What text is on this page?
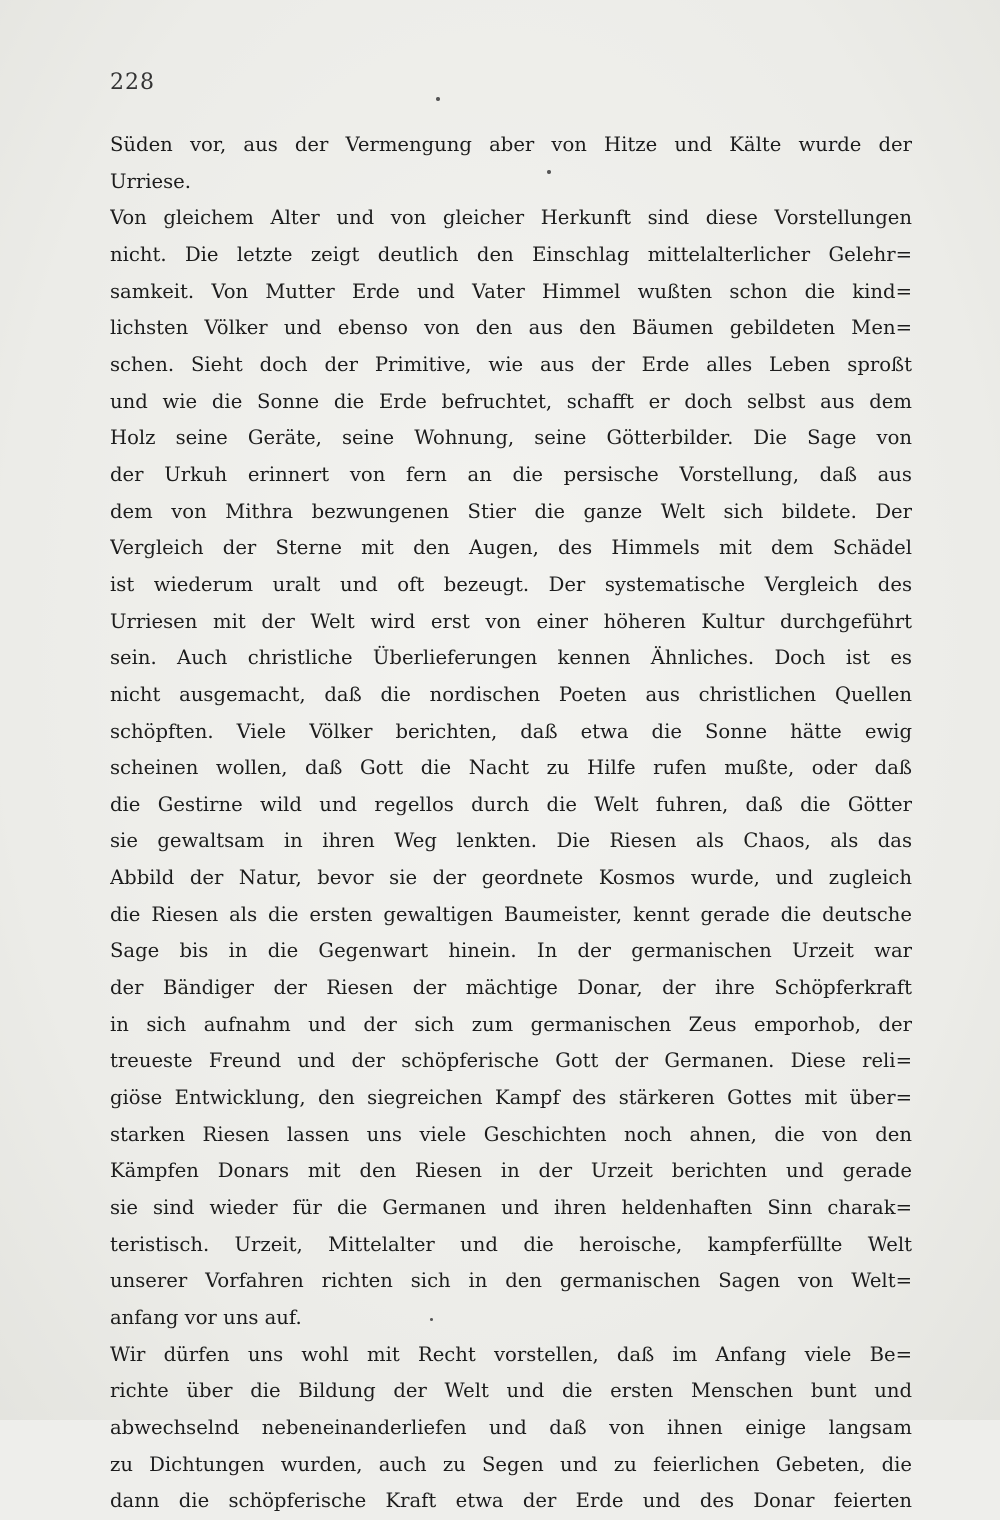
228
Süden vor, aus der Vermengung aber von Hitze und Kälte wurde der
Urriese.
Von gleichem Alter und von gleicher Herkunft sind diese Vorstellungen
nicht. Die letzte zeigt deutlich den Einschlag mittelalterlicher Gelehr=
samkeit. Von Mutter Erde und Vater Himmel wußten schon die kind=
lichsten Völker und ebenso von den aus den Bäumen gebildeten Men=
schen. Sieht doch der Primitive, wie aus der Erde alles Leben sproßt
und wie die Sonne die Erde befruchtet, schafft er doch selbst aus dem
Holz seine Geräte, seine Wohnung, seine Götterbilder. Die Sage von
der Urkuh erinnert von fern an die persische Vorstellung, daß aus
dem von Mithra bezwungenen Stier die ganze Welt sich bildete. Der
Vergleich der Sterne mit den Augen, des Himmels mit dem Schädel
ist wiederum uralt und oft bezeugt. Der systematische Vergleich des
Urriesen mit der Welt wird erst von einer höheren Kultur durchgeführt
sein. Auch christliche Überlieferungen kennen Ähnliches. Doch ist es
nicht ausgemacht, daß die nordischen Poeten aus christlichen Quellen
schöpften. Viele Völker berichten, daß etwa die Sonne hätte ewig
scheinen wollen, daß Gott die Nacht zu Hilfe rufen mußte, oder daß
die Gestirne wild und regellos durch die Welt fuhren, daß die Götter
sie gewaltsam in ihren Weg lenkten. Die Riesen als Chaos, als das
Abbild der Natur, bevor sie der geordnete Kosmos wurde, und zugleich
die Riesen als die ersten gewaltigen Baumeister, kennt gerade die deutsche
Sage bis in die Gegenwart hinein. In der germanischen Urzeit war
der Bändiger der Riesen der mächtige Donar, der ihre Schöpferkraft
in sich aufnahm und der sich zum germanischen Zeus emporhob, der
treueste Freund und der schöpferische Gott der Germanen. Diese reli=
giöse Entwicklung, den siegreichen Kampf des stärkeren Gottes mit über=
starken Riesen lassen uns viele Geschichten noch ahnen, die von den
Kämpfen Donars mit den Riesen in der Urzeit berichten und gerade
sie sind wieder für die Germanen und ihren heldenhaften Sinn charak=
teristisch. Urzeit, Mittelalter und die heroische, kampferfüllte Welt
unserer Vorfahren richten sich in den germanischen Sagen von Welt=
anfang vor uns auf.
Wir dürfen uns wohl mit Recht vorstellen, daß im Anfang viele Be=
richte über die Bildung der Welt und die ersten Menschen bunt und
abwechselnd nebeneinanderliefen und daß von ihnen einige langsam
zu Dichtungen wurden, auch zu Segen und zu feierlichen Gebeten, die
dann die schöpferische Kraft etwa der Erde und des Donar feierten
